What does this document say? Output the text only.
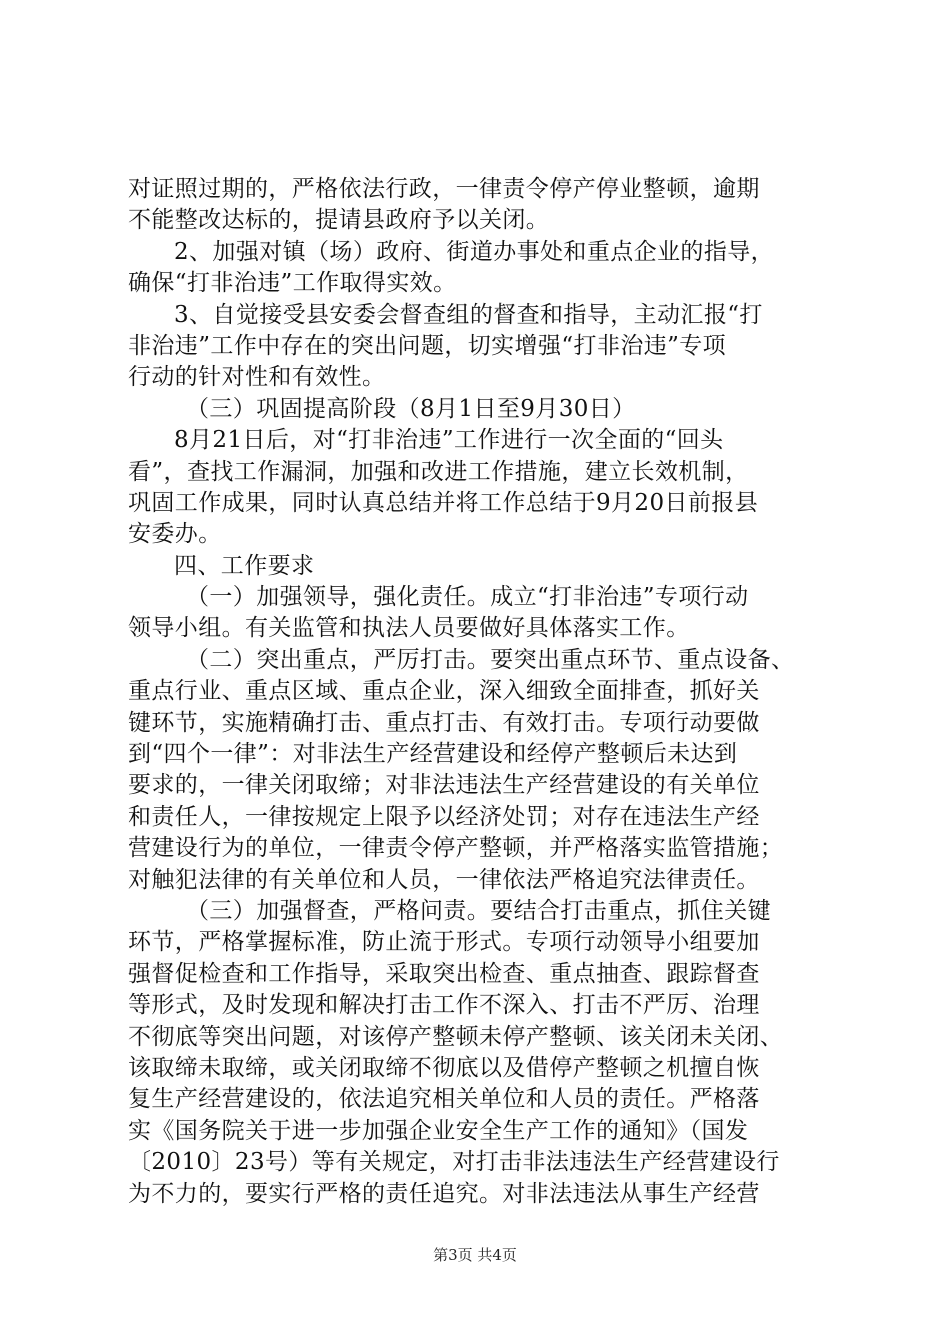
对证照过期的，严格依法行政，一律责令停产停业整顿，逾期
不能整改达标的，提请县政府予以关闭。
2、加强对镇（场）政府、街道办事处和重点企业的指导，
确保“打非治违”工作取得实效。
3、自觉接受县安委会督查组的督查和指导，主动汇报“打
非治违”工作中存在的突出问题，切实增强“打非治违”专项
行动的针对性和有效性。
（三）巩固提高阶段（8月1日至9月30日）
8月21日后，对“打非治违”工作进行一次全面的“回头
看”，查找工作漏洞，加强和改进工作措施，建立长效机制，
巩固工作成果，同时认真总结并将工作总结于9月20日前报县
安委办。
四、工作要求
（一）加强领导，强化责任。成立“打非治违”专项行动
领导小组。有关监管和执法人员要做好具体落实工作。
（二）突出重点，严厉打击。要突出重点环节、重点设备、
重点行业、重点区域、重点企业，深入细致全面排查，抓好关
键环节，实施精确打击、重点打击、有效打击。专项行动要做
到“四个一律”：对非法生产经营建设和经停产整顿后未达到
要求的，一律关闭取缔；对非法违法生产经营建设的有关单位
和责任人，一律按规定上限予以经济处罚；对存在违法生产经
营建设行为的单位，一律责令停产整顿，并严格落实监管措施；
对触犯法律的有关单位和人员，一律依法严格追究法律责任。
（三）加强督查，严格问责。要结合打击重点，抓住关键
环节，严格掌握标准，防止流于形式。专项行动领导小组要加
强督促检查和工作指导，采取突出检查、重点抽查、跟踪督查
等形式，及时发现和解决打击工作不深入、打击不严厉、治理
不彻底等突出问题，对该停产整顿未停产整顿、该关闭未关闭、
该取缔未取缔，或关闭取缔不彻底以及借停产整顿之机擅自恢
复生产经营建设的，依法追究相关单位和人员的责任。严格落
实《国务院关于进一步加强企业安全生产工作的通知》（国发
〔2010〕23号）等有关规定，对打击非法违法生产经营建设行
为不力的，要实行严格的责任追究。对非法违法从事生产经营
第3页 共4页
